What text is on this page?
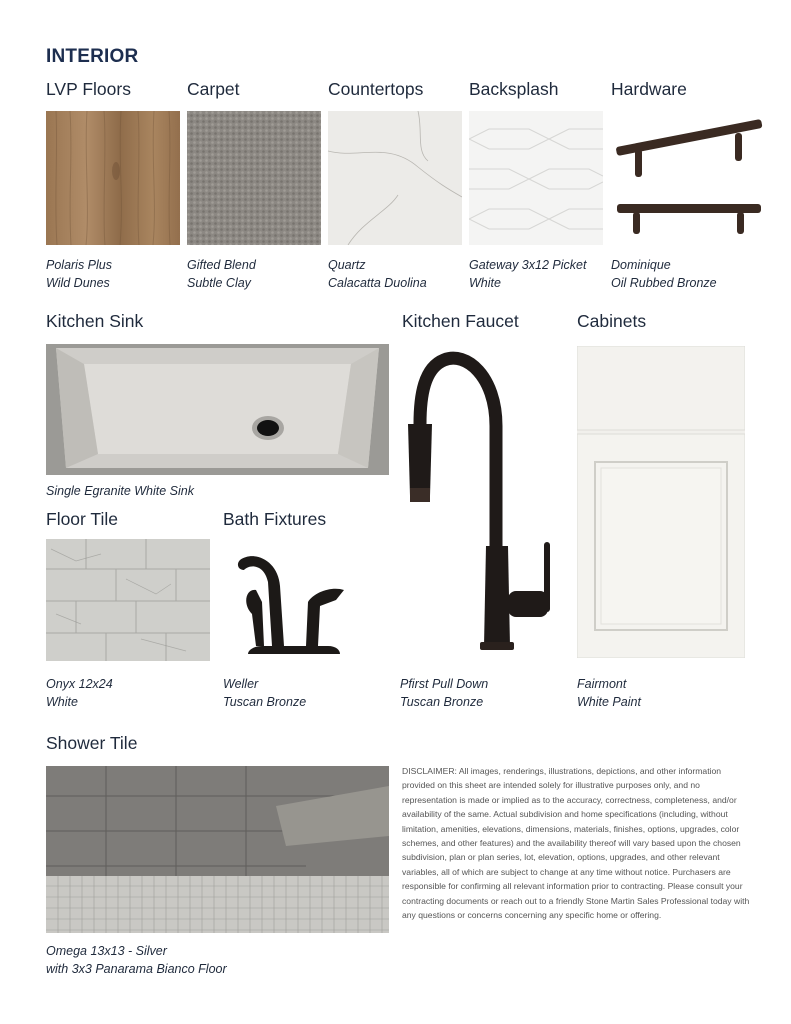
INTERIOR
LVP Floors	Carpet	Countertops	Backsplash	Hardware
Polaris Plus
Wild Dunes
Gifted Blend
Subtle Clay
Quartz
Calacatta Duolina
Gateway 3x12 Picket
White
Dominique
Oil Rubbed Bronze
Kitchen Sink	Kitchen Faucet	Cabinets
Single Egranite White Sink
Pfirst Pull Down
Tuscan Bronze
Fairmont
White Paint
Floor Tile	Bath Fixtures
Onyx 12x24
White
Weller
Tuscan Bronze
Shower Tile
Omega 13x13 - Silver
with 3x3 Panarama Bianco Floor
DISCLAIMER: All images, renderings, illustrations, depictions, and other information provided on this sheet are intended solely for illustrative purposes only, and no representation is made or implied as to the accuracy, correctness, completeness, and/or availability of the same. Actual subdivision and home specifications (including, without limitation, amenities, elevations, dimensions, materials, finishes, options, upgrades, color schemes, and other features) and the availability thereof will vary based upon the chosen subdivision, plan or plan series, lot, elevation, options, upgrades, and other relevant variables, all of which are subject to change at any time without notice. Purchasers are responsible for confirming all relevant information prior to contracting. Please consult your contracting documents or reach out to a friendly Stone Martin Sales Professional today with any questions or concerns concerning any specific home or offering.
